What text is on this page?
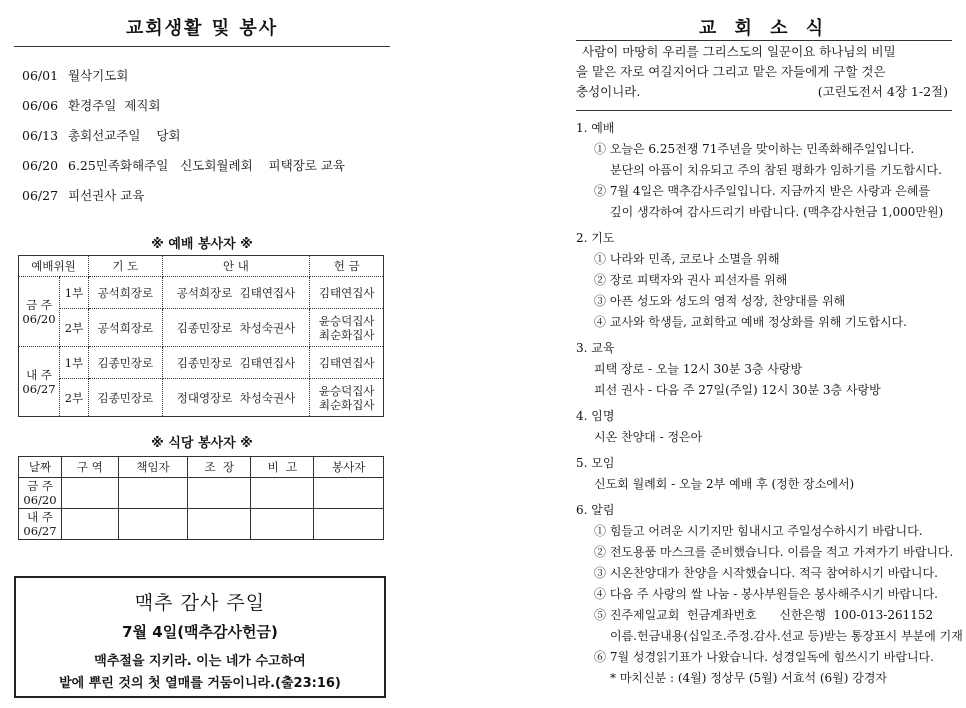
교회생활 및 봉사
06/01 월삭기도회
06/06 환경주일  제직회
06/13 총회선교주일    당회
06/20 6.25민족화해주일   신도회월례회    피택장로 교육
06/27 피선권사 교육
※ 예배 봉사자 ※
예배위원		기 도	안 내	헌 금
금 주
06/20	1부	공석희장로	공석희장로  김태연집사	김태연집사
	2부	공석희장로	김종민장로  차성숙권사	윤승덕집사
최순화집사
내 주
06/27	1부	김종민장로	김종민장로  김태연집사	김태연집사
	2부	김종민장로	정대영장로  차성숙권사	윤승덕집사
최순화집사
※ 식당 봉사자 ※
날짜	구 역	책임자	조  장	비  고	봉사자
금 주
06/20					
내 주
06/27					
맥추 감사 주일
7월 4일(맥추감사헌금)
맥추절을 지키라. 이는 네가 수고하여
밭에 뿌린 것의 첫 열매를 거둠이니라.(출23:16)
교 회 소 식
사람이 마땅히 우리를 그리스도의 일꾼이요 하나님의 비밀
을 맡은 자로 여길지어다 그리고 맡은 자들에게 구할 것은
충성이니라.	(고린도전서 4장 1-2절)
1. 예배
① 오늘은 6.25전쟁 71주년을 맞이하는 민족화해주일입니다.
분단의 아픔이 치유되고 주의 참된 평화가 임하기를 기도합시다.
② 7월 4일은 맥추감사주일입니다. 지금까지 받은 사랑과 은혜를
깊이 생각하여 감사드리기 바랍니다. (맥추감사헌금 1,000만원)
2. 기도
① 나라와 민족, 코로나 소멸을 위해
② 장로 피택자와 권사 피선자를 위해
③ 아픈 성도와 성도의 영적 성장, 찬양대를 위해
④ 교사와 학생들, 교회학교 예배 정상화를 위해 기도합시다.
3. 교육
피택 장로 - 오늘 12시 30분 3층 사랑방
피선 권사 - 다음 주 27일(주일) 12시 30분 3층 사랑방
4. 임명
시온 찬양대 - 정은아
5. 모임
신도회 월례회 - 오늘 2부 예배 후 (정한 장소에서)
6. 알림
① 힘들고 어려운 시기지만 힘내시고 주일성수하시기 바랍니다.
② 전도용품 마스크를 준비했습니다. 이름을 적고 가져가기 바랍니다.
③ 시온찬양대가 찬양을 시작했습니다. 적극 참여하시기 바랍니다.
④ 다음 주 사랑의 쌀 나눔 - 봉사부원들은 봉사해주시기 바랍니다.
⑤ 진주제일교회  헌금계좌번호      신한은행  100-013-261152
이름.헌금내용(십일조.주정.감사.선교 등)받는 통장표시 부분에 기재
⑥ 7월 성경읽기표가 나왔습니다. 성경일독에 힘쓰시기 바랍니다.
* 마치신분 : (4월) 정상무 (5월) 서효석 (6월) 강경자
